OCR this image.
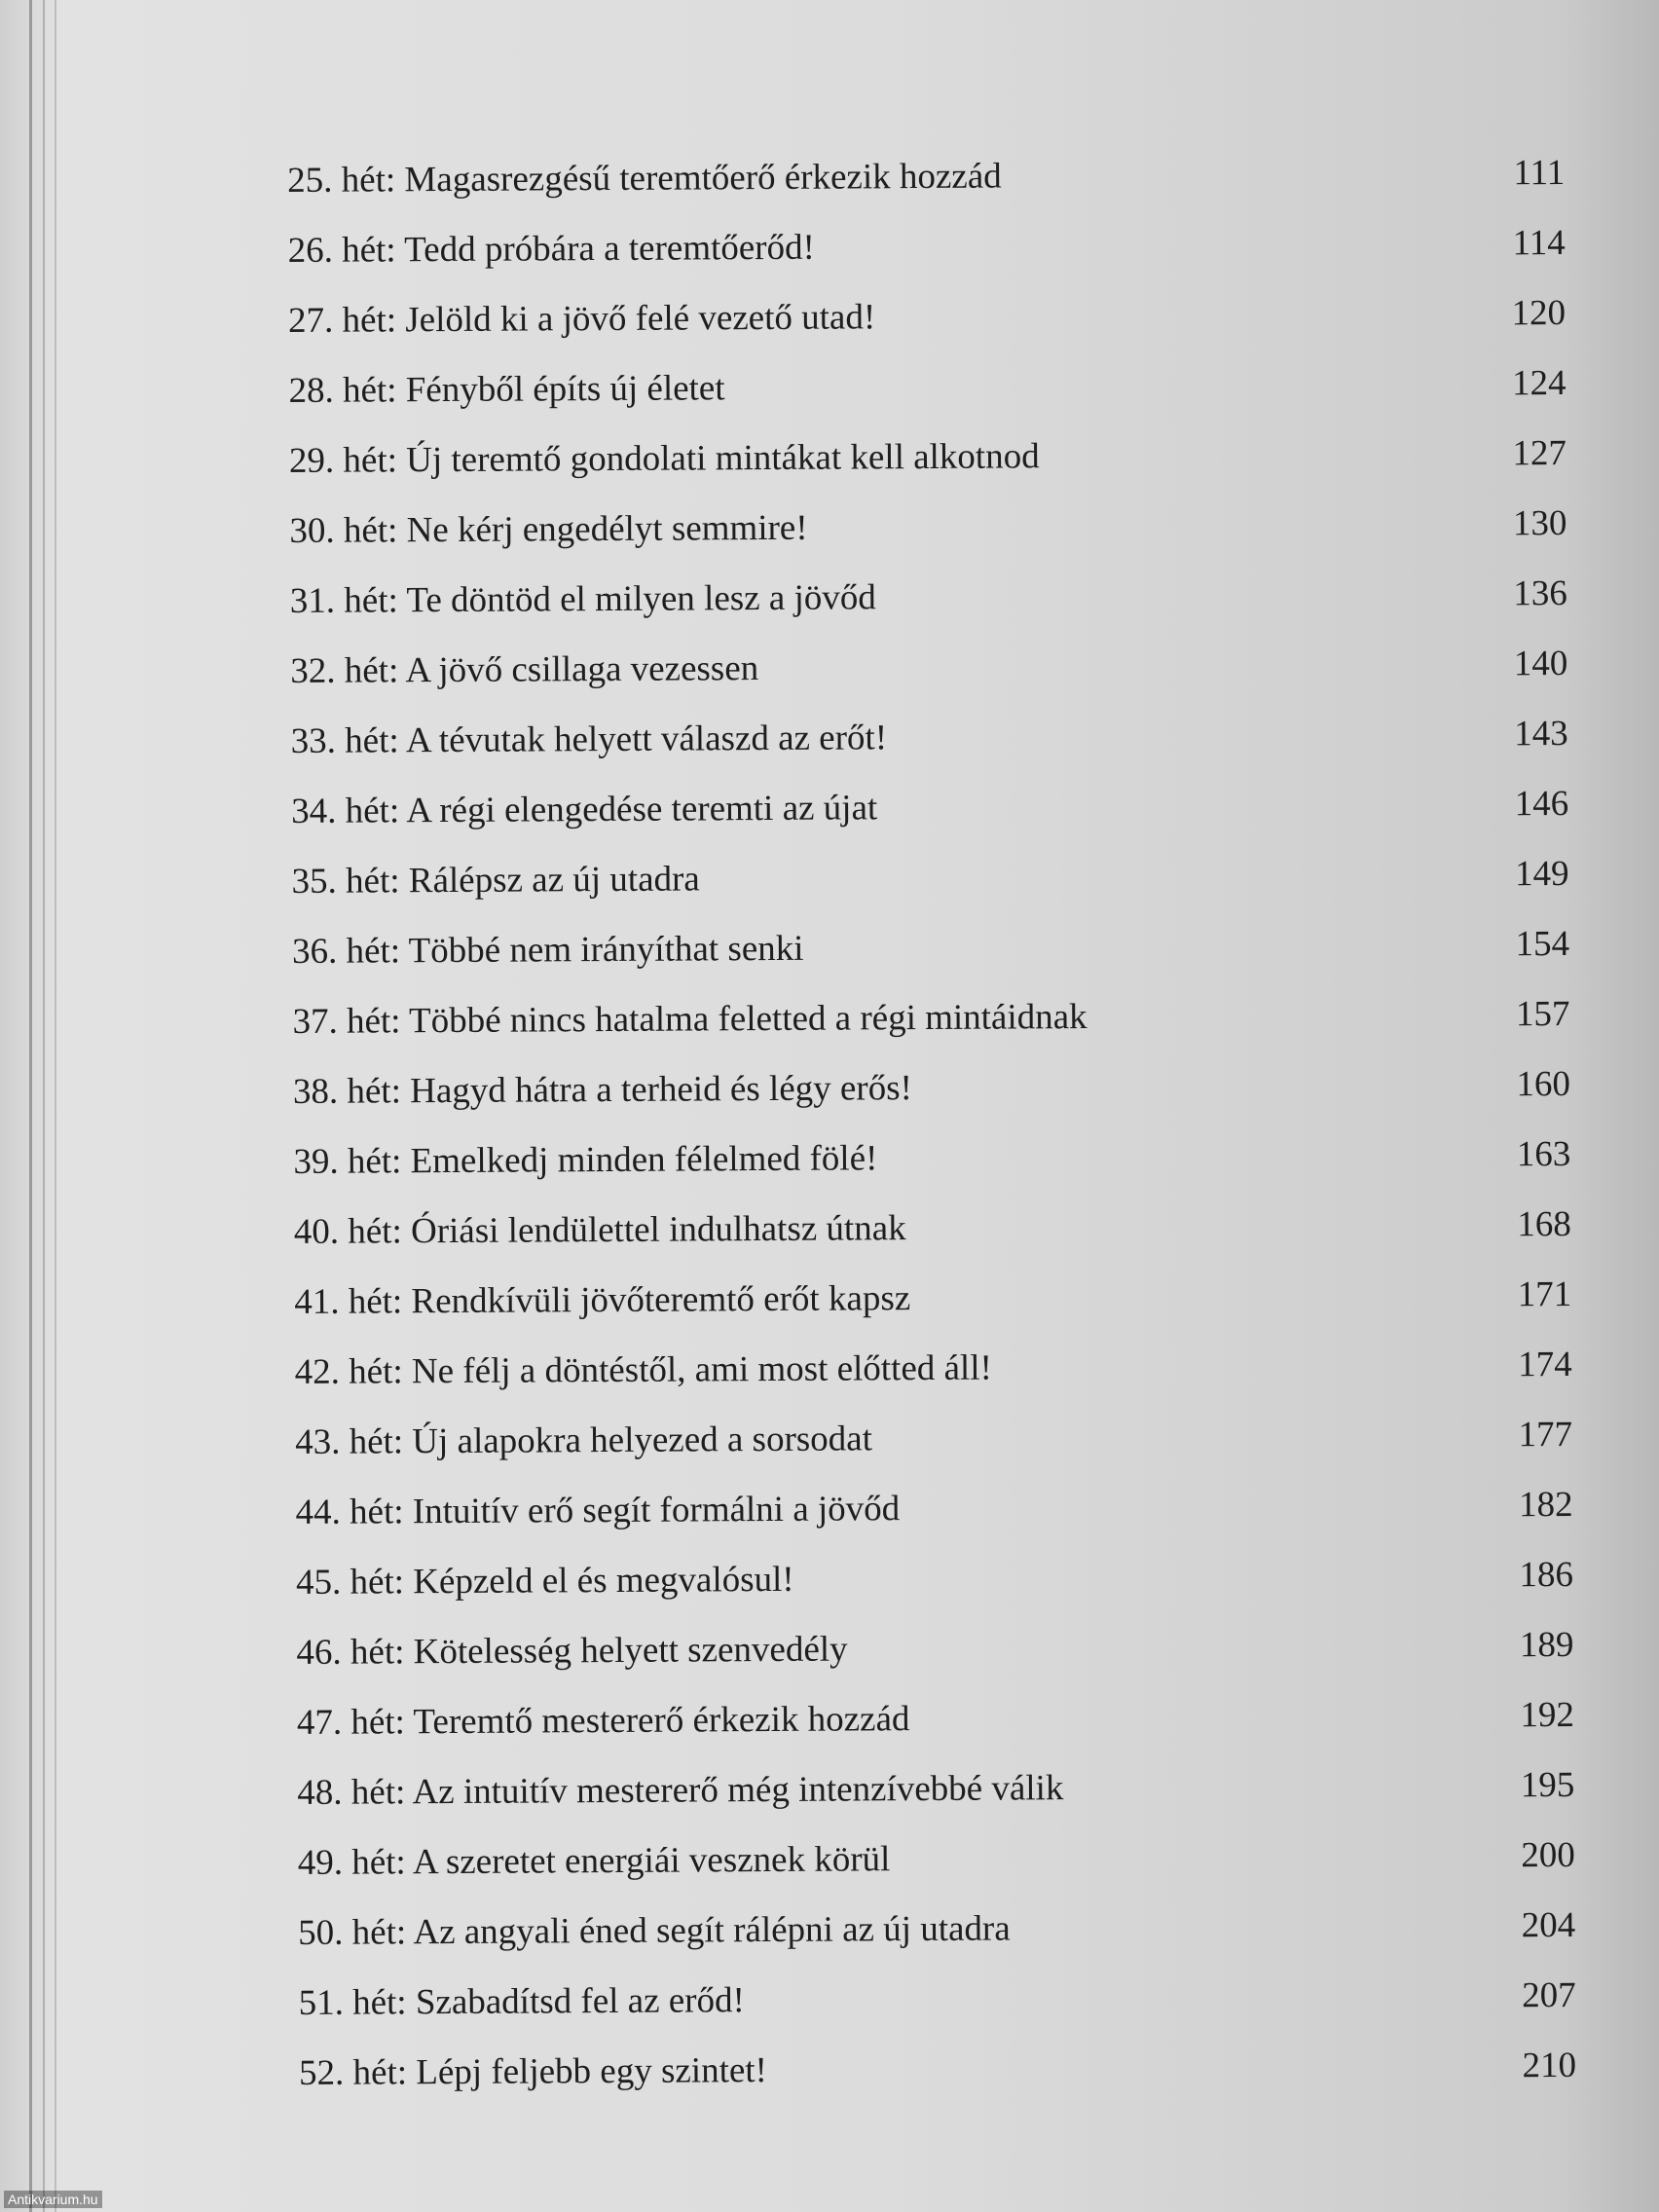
25. hét: Magasrezgésű teremtőerő érkezik hozzád	111
26. hét: Tedd próbára a teremtőerőd!	114
27. hét: Jelöld ki a jövő felé vezető utad!	120
28. hét: Fényből építs új életet	124
29. hét: Új teremtő gondolati mintákat kell alkotnod	127
30. hét: Ne kérj engedélyt semmire!	130
31. hét: Te döntöd el milyen lesz a jövőd	136
32. hét: A jövő csillaga vezessen	140
33. hét: A tévutak helyett válaszd az erőt!	143
34. hét: A régi elengedése teremti az újat	146
35. hét: Rálépsz az új utadra	149
36. hét: Többé nem irányíthat senki	154
37. hét: Többé nincs hatalma feletted a régi mintáidnak	157
38. hét: Hagyd hátra a terheid és légy erős!	160
39. hét: Emelkedj minden félelmed fölé!	163
40. hét: Óriási lendülettel indulhatsz útnak	168
41. hét: Rendkívüli jövőteremtő erőt kapsz	171
42. hét: Ne félj a döntéstől, ami most előtted áll!	174
43. hét: Új alapokra helyezed a sorsodat	177
44. hét: Intuitív erő segít formálni a jövőd	182
45. hét: Képzeld el és megvalósul!	186
46. hét: Kötelesség helyett szenvedély	189
47. hét: Teremtő mestererő érkezik hozzád	192
48. hét: Az intuitív mestererő még intenzívebbé válik	195
49. hét: A szeretet energiái vesznek körül	200
50. hét: Az angyali éned segít rálépni az új utadra	204
51. hét: Szabadítsd fel az erőd!	207
52. hét: Lépj feljebb egy szintet!	210
Antikvarium.hu
